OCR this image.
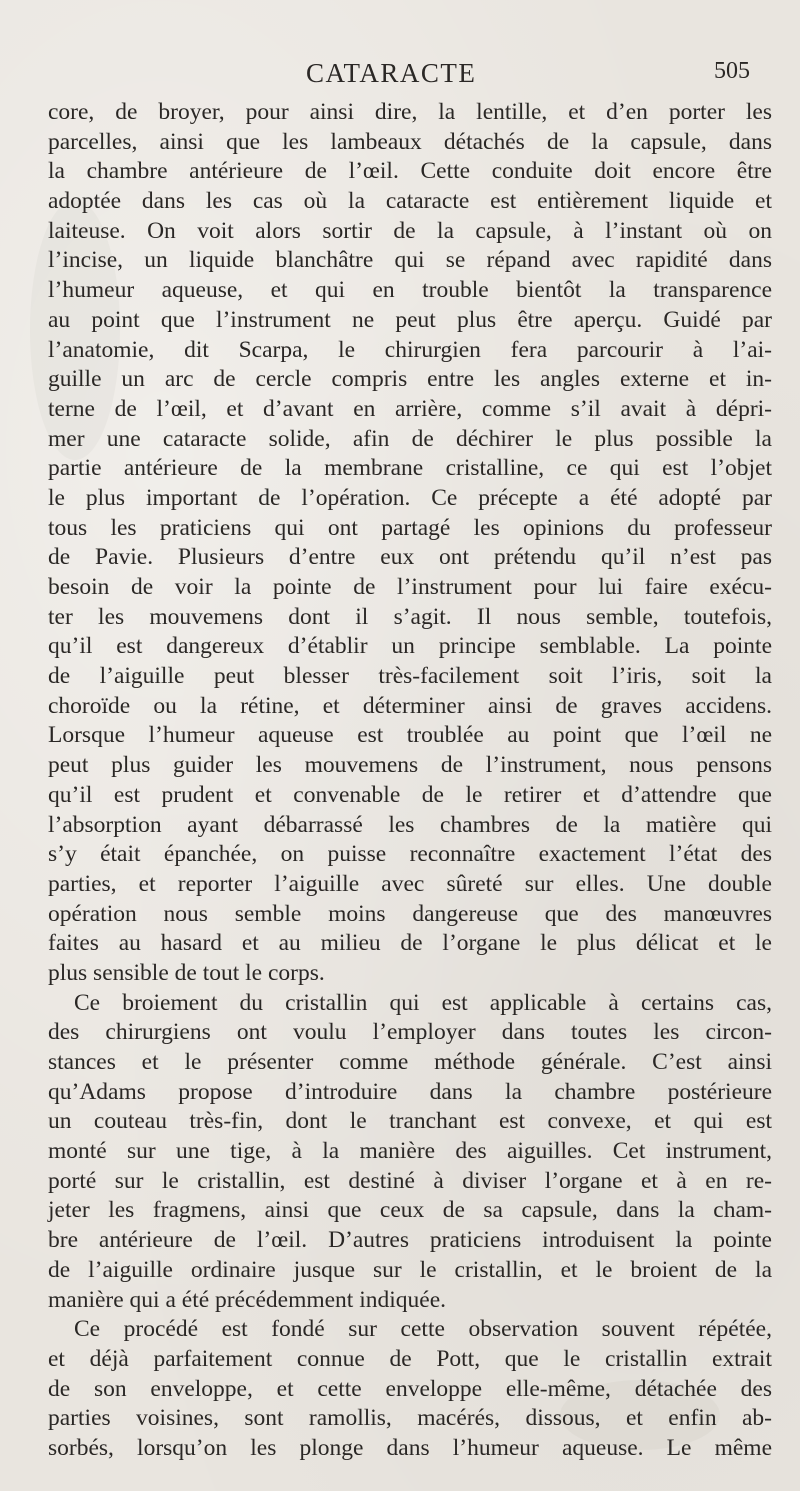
CATARACTE	505
core, de broyer, pour ainsi dire, la lentille, et d’en porter les
parcelles, ainsi que les lambeaux détachés de la capsule, dans
la chambre antérieure de l’œil. Cette conduite doit encore être
adoptée dans les cas où la cataracte est entièrement liquide et
laiteuse. On voit alors sortir de la capsule, à l’instant où on
l’incise, un liquide blanchâtre qui se répand avec rapidité dans
l’humeur aqueuse, et qui en trouble bientôt la transparence
au point que l’instrument ne peut plus être aperçu. Guidé par
l’anatomie, dit Scarpa, le chirurgien fera parcourir à l’ai-
guille un arc de cercle compris entre les angles externe et in-
terne de l’œil, et d’avant en arrière, comme s’il avait à dépri-
mer une cataracte solide, afin de déchirer le plus possible la
partie antérieure de la membrane cristalline, ce qui est l’objet
le plus important de l’opération. Ce précepte a été adopté par
tous les praticiens qui ont partagé les opinions du professeur
de Pavie. Plusieurs d’entre eux ont prétendu qu’il n’est pas
besoin de voir la pointe de l’instrument pour lui faire exécu-
ter les mouvemens dont il s’agit. Il nous semble, toutefois,
qu’il est dangereux d’établir un principe semblable. La pointe
de l’aiguille peut blesser très-facilement soit l’iris, soit la
choroïde ou la rétine, et déterminer ainsi de graves accidens.
Lorsque l’humeur aqueuse est troublée au point que l’œil ne
peut plus guider les mouvemens de l’instrument, nous pensons
qu’il est prudent et convenable de le retirer et d’attendre que
l’absorption ayant débarrassé les chambres de la matière qui
s’y était épanchée, on puisse reconnaître exactement l’état des
parties, et reporter l’aiguille avec sûreté sur elles. Une double
opération nous semble moins dangereuse que des manœuvres
faites au hasard et au milieu de l’organe le plus délicat et le
plus sensible de tout le corps.
Ce broiement du cristallin qui est applicable à certains cas,
des chirurgiens ont voulu l’employer dans toutes les circon-
stances et le présenter comme méthode générale. C’est ainsi
qu’Adams propose d’introduire dans la chambre postérieure
un couteau très-fin, dont le tranchant est convexe, et qui est
monté sur une tige, à la manière des aiguilles. Cet instrument,
porté sur le cristallin, est destiné à diviser l’organe et à en re-
jeter les fragmens, ainsi que ceux de sa capsule, dans la cham-
bre antérieure de l’œil. D’autres praticiens introduisent la pointe
de l’aiguille ordinaire jusque sur le cristallin, et le broient de la
manière qui a été précédemment indiquée.
Ce procédé est fondé sur cette observation souvent répétée,
et déjà parfaitement connue de Pott, que le cristallin extrait
de son enveloppe, et cette enveloppe elle-même, détachée des
parties voisines, sont ramollis, macérés, dissous, et enfin ab-
sorbés, lorsqu’on les plonge dans l’humeur aqueuse. Le même
